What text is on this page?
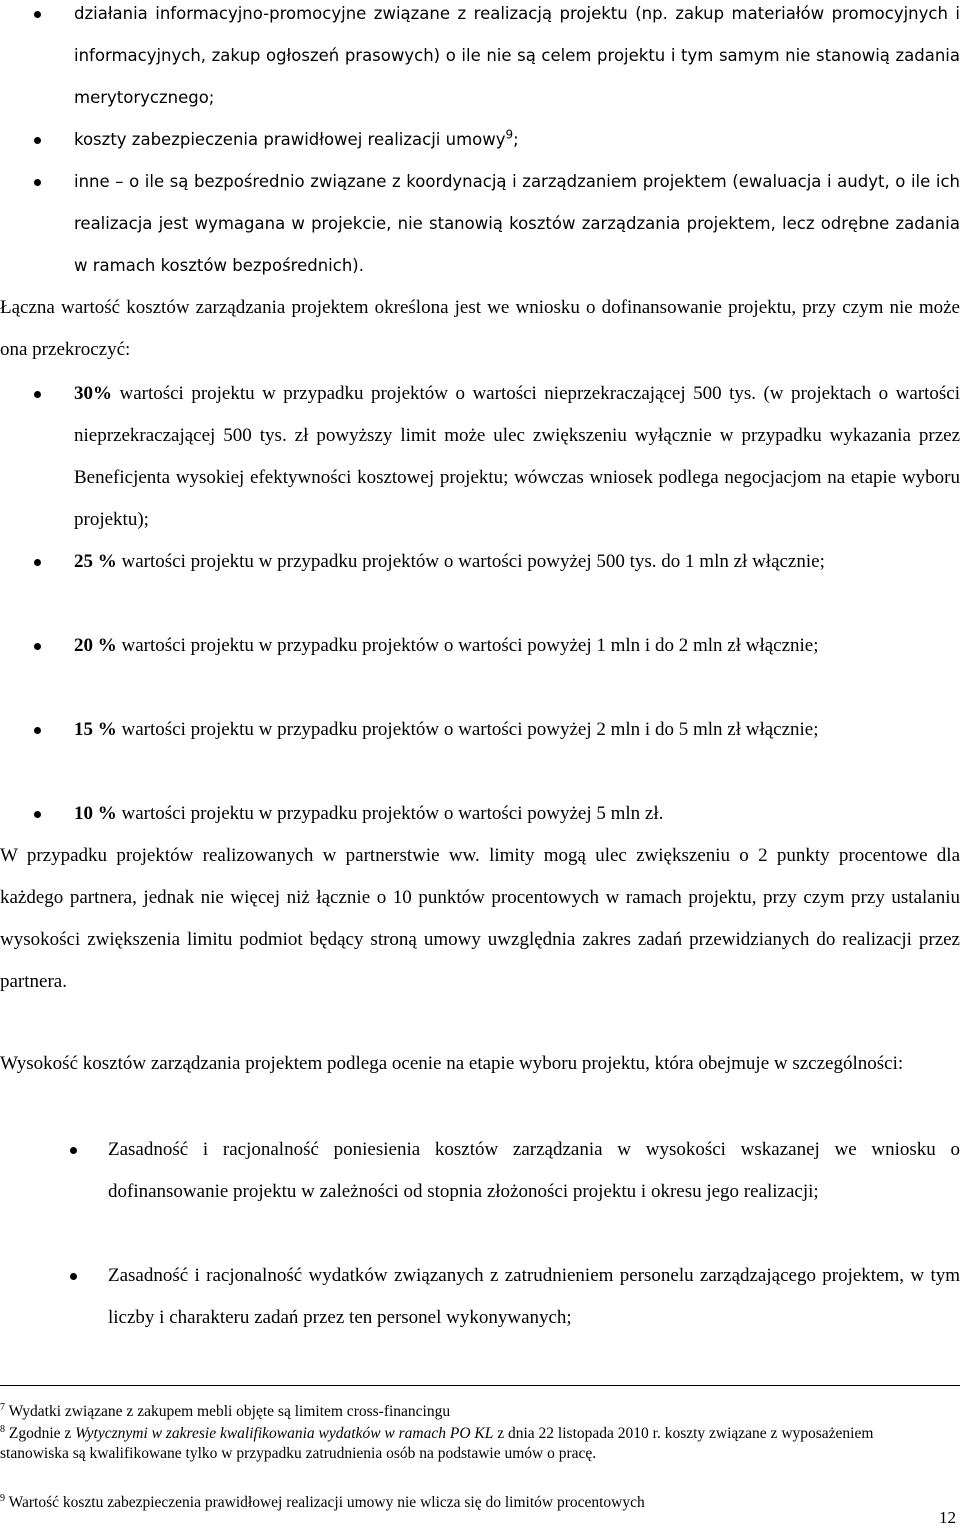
działania informacyjno-promocyjne związane z realizacją projektu (np. zakup materiałów promocyjnych i informacyjnych, zakup ogłoszeń prasowych) o ile nie są celem projektu i tym samym nie stanowią zadania merytorycznego;
koszty zabezpieczenia prawidłowej realizacji umowy$^9$;
inne – o ile są bezpośrednio związane z koordynacją i zarządzaniem projektem (ewaluacja i audyt, o ile ich realizacja jest wymagana w projekcie, nie stanowią kosztów zarządzania projektem, lecz odrębne zadania w ramach kosztów bezpośrednich).
Łączna wartość kosztów zarządzania projektem określona jest we wniosku o dofinansowanie projektu, przy czym nie może ona przekroczyć:
30% wartości projektu w przypadku projektów o wartości nieprzekraczającej 500 tys. (w projektach o wartości nieprzekraczającej 500 tys. zł powyższy limit może ulec zwiększeniu wyłącznie w przypadku wykazania przez Beneficjenta wysokiej efektywności kosztowej projektu; wówczas wniosek podlega negocjacjom na etapie wyboru projektu);
25 % wartości projektu w przypadku projektów o wartości powyżej 500 tys. do 1 mln zł włącznie;
20 % wartości projektu w przypadku projektów o wartości powyżej 1 mln i do 2 mln zł włącznie;
15 % wartości projektu w przypadku projektów o wartości powyżej 2 mln i do 5 mln zł włącznie;
10 % wartości projektu w przypadku projektów o wartości powyżej 5 mln zł.
W przypadku projektów realizowanych w partnerstwie ww. limity mogą ulec zwiększeniu o 2 punkty procentowe dla każdego partnera, jednak nie więcej niż łącznie o 10 punktów procentowych w ramach projektu, przy czym przy ustalaniu wysokości zwiększenia limitu podmiot będący stroną umowy uwzględnia zakres zadań przewidzianych do realizacji przez partnera.
Wysokość kosztów zarządzania projektem podlega ocenie na etapie wyboru projektu, która obejmuje w szczególności:
Zasadność i racjonalność poniesienia kosztów zarządzania w wysokości wskazanej we wniosku o dofinansowanie projektu w zależności od stopnia złożoności projektu i okresu jego realizacji;
Zasadność i racjonalność wydatków związanych z zatrudnieniem personelu zarządzającego projektem, w tym liczby i charakteru zadań przez ten personel wykonywanych;
$^7$ Wydatki związane z zakupem mebli objęte są limitem cross-financingu
$^8$ Zgodnie z Wytycznymi w zakresie kwalifikowania wydatków w ramach PO KL z dnia 22 listopada 2010 r. koszty związane z wyposażeniem stanowiska są kwalifikowane tylko w przypadku zatrudnienia osób na podstawie umów o pracę.
$^9$ Wartość kosztu zabezpieczenia prawidłowej realizacji umowy nie wlicza się do limitów procentowych
12
